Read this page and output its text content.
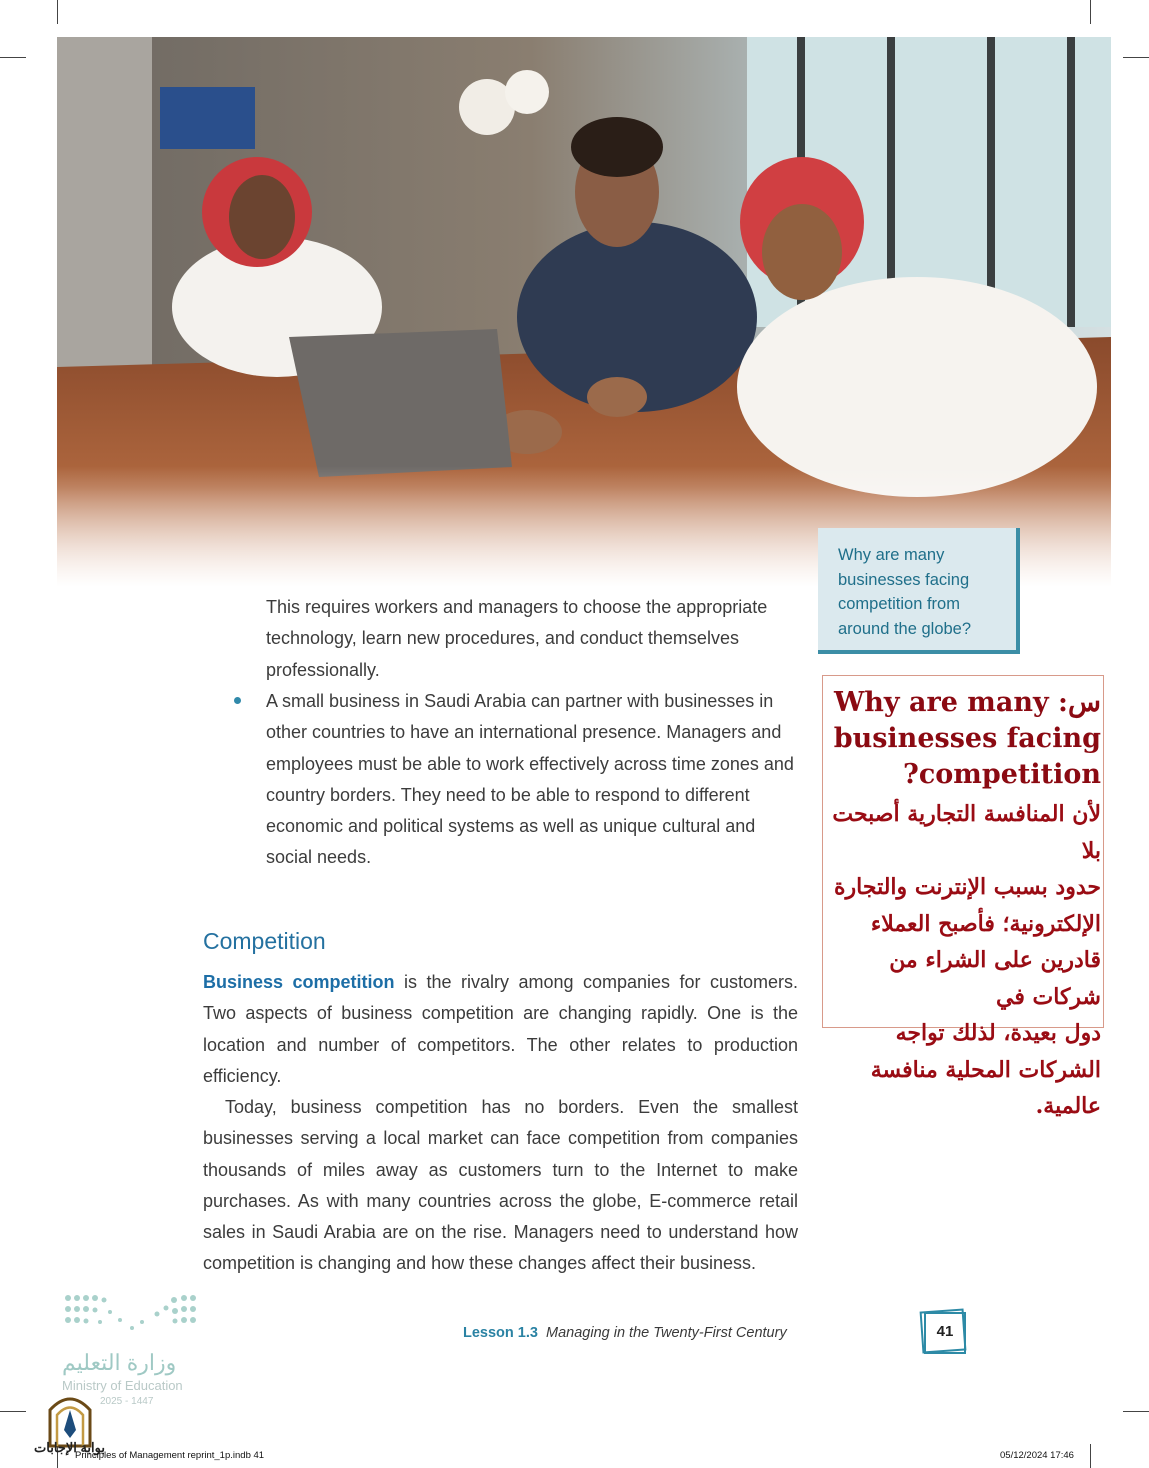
Why are many businesses facing competition from around the globe?

This requires workers and managers to choose the appropriate technology, learn new procedures, and conduct themselves professionally.
A small business in Saudi Arabia can partner with businesses in other countries to have an international presence. Managers and employees must be able to work effectively across time zones and country borders. They need to be able to respond to different economic and political systems as well as unique cultural and social needs.
Competition
Business competition is the rivalry among companies for customers. Two aspects of business competition are changing rapidly. One is the location and number of competitors. The other relates to production efficiency.
Today, business competition has no borders. Even the smallest businesses serving a local market can face competition from companies thousands of miles away as customers turn to the Internet to make purchases. As with many countries across the globe, E-commerce retail sales in Saudi Arabia are on the rise. Managers need to understand how competition is changing and how these changes affect their business.
Why are many :س
businesses facing
?competition
لأن المنافسة التجارية أصبحت بلا
حدود بسبب الإنترنت والتجارة
الإلكترونية؛ فأصبح العملاء
قادرين على الشراء من شركات في
دول بعيدة، لذلك تواجه
الشركات المحلية منافسة عالمية.
وزارة التعليم
Ministry of Education
2025 - 1447
Lesson 1.3 Managing in the Twenty-First Century	41
بوابة الإجابات
Principles of Management reprint_1p.indb 41	05/12/2024 17:46
